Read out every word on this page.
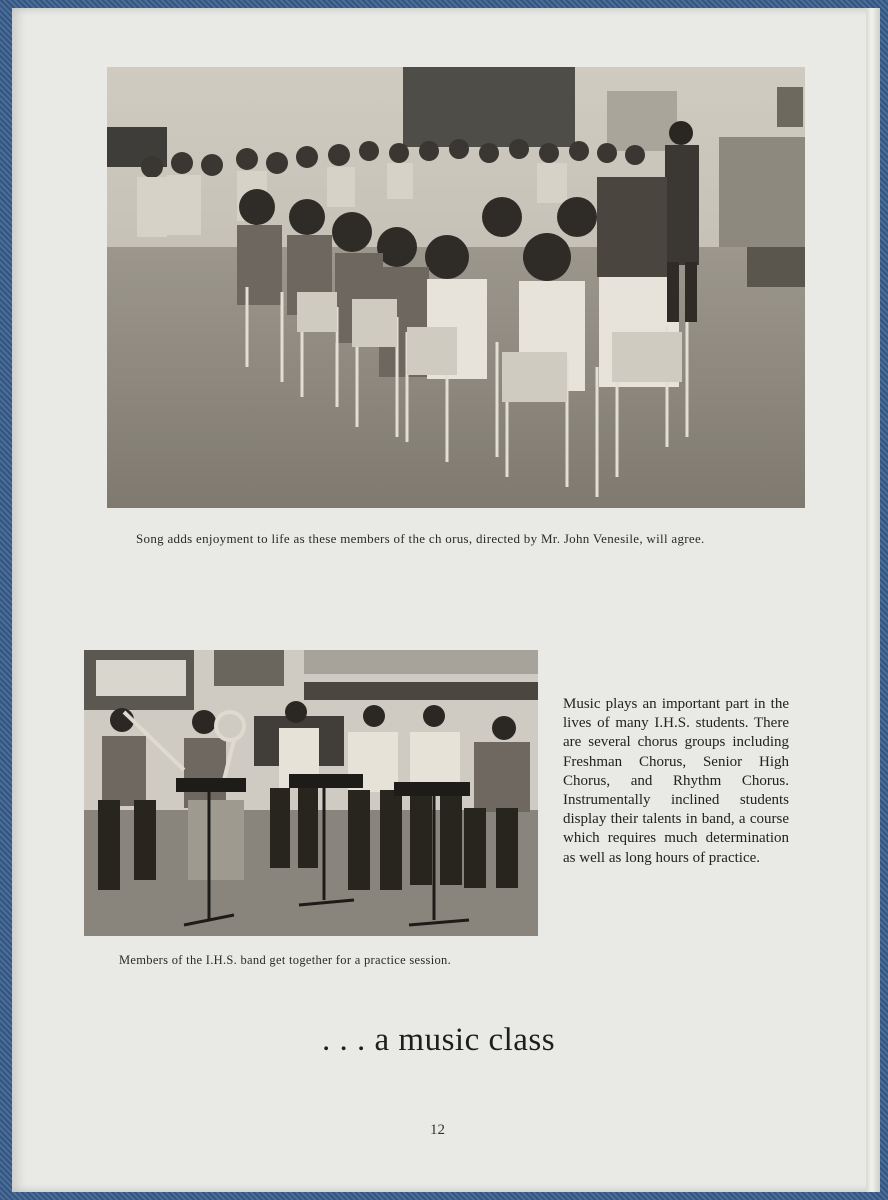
Song adds enjoyment to life as these members of the ch orus, directed by Mr. John Venesile, will agree.
Members of the I.H.S. band get together for a practice session.
Music plays an important part in the lives of many I.H.S. students. There are several chorus groups including Freshman Chorus, Senior High Chorus, and Rhythm Chorus. Instrumentally inclined students display their talents in band, a course which requires much determination as well as long hours of practice.
. . . a music class
12
